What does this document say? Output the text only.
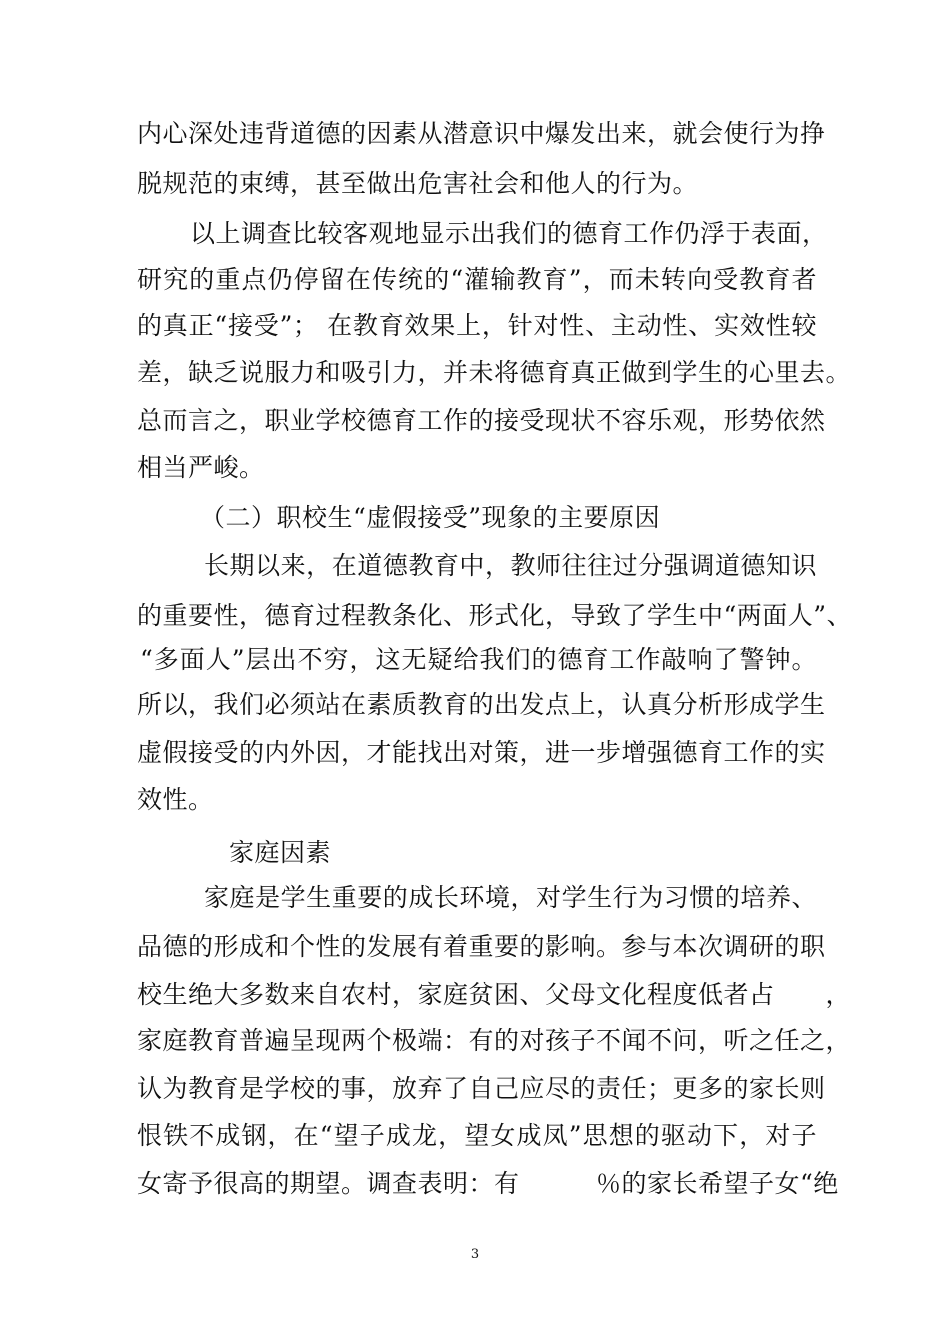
内心深处违背道德的因素从潜意识中爆发出来，就会使行为挣
脱规范的束缚，甚至做出危害社会和他人的行为。
以上调查比较客观地显示出我们的德育工作仍浮于表面，
研究的重点仍停留在传统的“灌输教育”，而未转向受教育者
的真正“接受”； 在教育效果上，针对性、主动性、实效性较
差，缺乏说服力和吸引力，并未将德育真正做到学生的心里去。
总而言之，职业学校德育工作的接受现状不容乐观，形势依然
相当严峻。
（二）职校生“虚假接受”现象的主要原因
长期以来，在道德教育中，教师往往过分强调道德知识
的重要性，德育过程教条化、形式化，导致了学生中“两面人”、
“多面人”层出不穷，这无疑给我们的德育工作敲响了警钟。
所以，我们必须站在素质教育的出发点上，认真分析形成学生
虚假接受的内外因，才能找出对策，进一步增强德育工作的实
效性。
家庭因素
家庭是学生重要的成长环境，对学生行为习惯的培养、
品德的形成和个性的发展有着重要的影响。参与本次调研的职
校生绝大多数来自农村，家庭贫困、父母文化程度低者占　　，
家庭教育普遍呈现两个极端：有的对孩子不闻不问，听之任之，
认为教育是学校的事，放弃了自己应尽的责任；更多的家长则
恨铁不成钢，在“望子成龙，望女成凤”思想的驱动下，对子
女寄予很高的期望。调查表明：有　　　％的家长希望子女“绝
3
